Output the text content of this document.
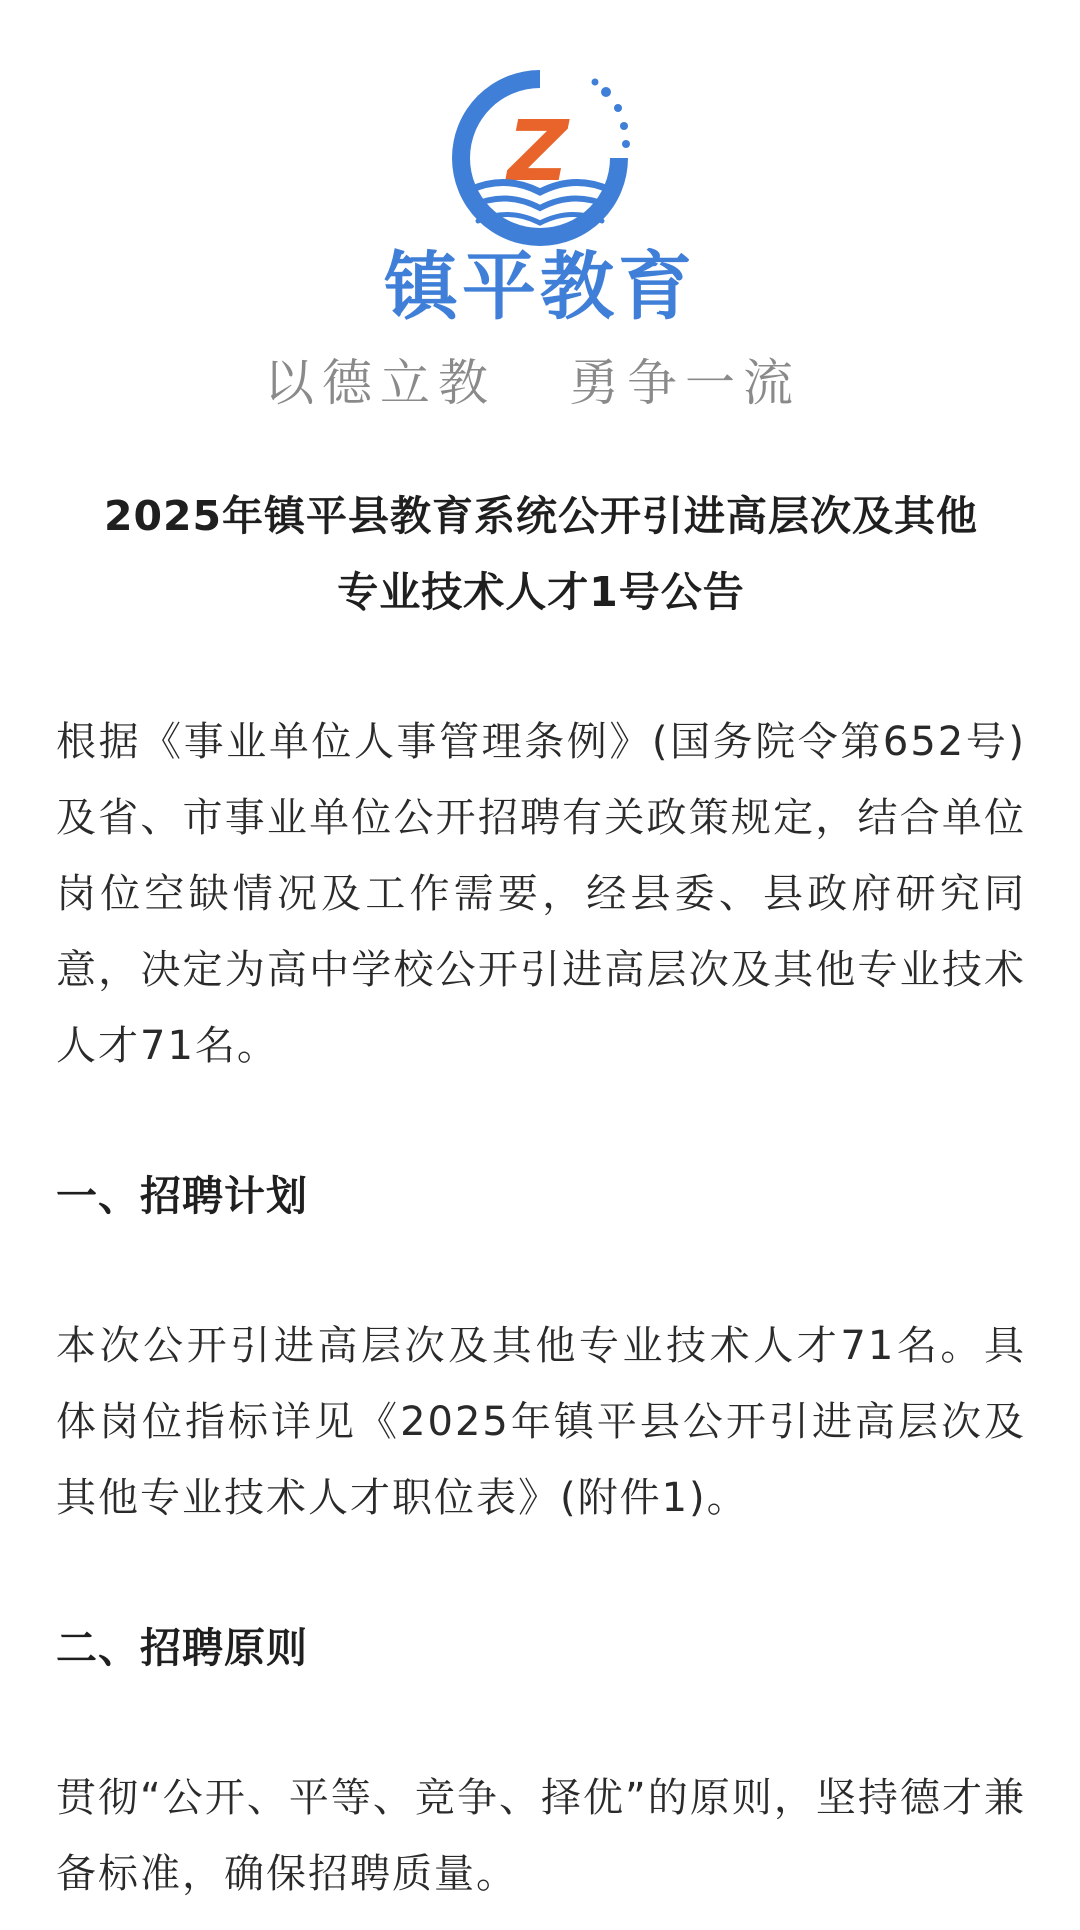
Z
镇平教育
以德立教 勇争一流
2025年镇平县教育系统公开引进高层次及其他
专业技术人才1号公告

根据《事业单位人事管理条例》(国务院令第652号)及省、市事业单位公开招聘有关政策规定，结合单位岗位空缺情况及工作需要，经县委、县政府研究同意，决定为高中学校公开引进高层次及其他专业技术人才71名。

一、招聘计划

本次公开引进高层次及其他专业技术人才71名。具体岗位指标详见《2025年镇平县公开引进高层次及其他专业技术人才职位表》(附件1)。

二、招聘原则

贯彻“公开、平等、竞争、择优”的原则，坚持德才兼备标准，确保招聘质量。
